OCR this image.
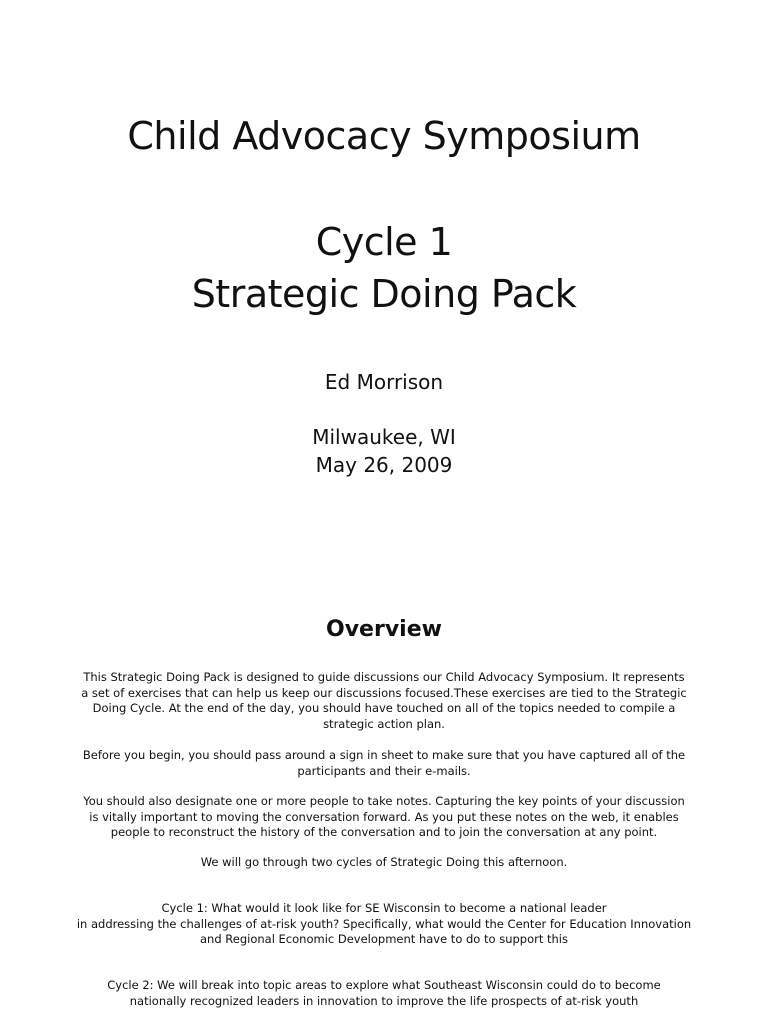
Child Advocacy Symposium
Cycle 1
Strategic Doing Pack
Ed Morrison
Milwaukee, WI
May 26, 2009
Overview
This Strategic Doing Pack is designed to guide discussions our Child Advocacy Symposium. It represents
a set of exercises that can help us keep our discussions focused.These exercises are tied to the Strategic
Doing Cycle. At the end of the day, you should have touched on all of the topics needed to compile a
strategic action plan.
Before you begin, you should pass around a sign in sheet to make sure that you have captured all of the
participants and their e-mails.
You should also designate one or more people to take notes. Capturing the key points of your discussion
is vitally important to moving the conversation forward. As you put these notes on the web, it enables
people to reconstruct the history of the conversation and to join the conversation at any point.
We will go through two cycles of Strategic Doing this afternoon.
Cycle 1: What would it look like for SE Wisconsin to become a national leader
in addressing the challenges of at-risk youth? Specifically, what would the Center for Education Innovation
and Regional Economic Development have to do to support this
Cycle 2: We will break into topic areas to explore what Southeast Wisconsin could do to become
nationally recognized leaders in innovation to improve the life prospects of at-risk youth
